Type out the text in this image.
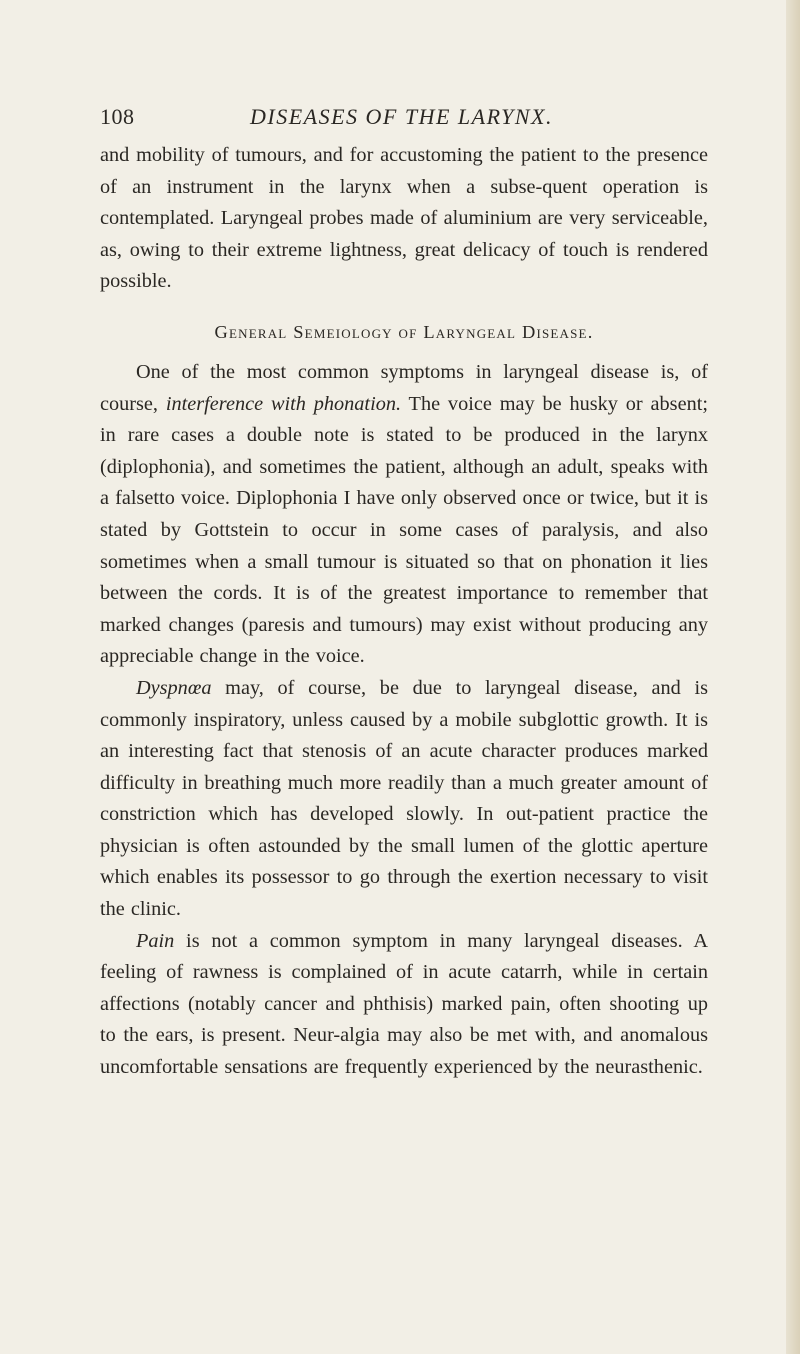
108	DISEASES OF THE LARYNX.

and mobility of tumours, and for accustoming the patient to the presence of an instrument in the larynx when a subse-quent operation is contemplated. Laryngeal probes made of aluminium are very serviceable, as, owing to their extreme lightness, great delicacy of touch is rendered possible.

General Semeiology of Laryngeal Disease.

One of the most common symptoms in laryngeal disease is, of course, interference with phonation. The voice may be husky or absent; in rare cases a double note is stated to be produced in the larynx (diplophonia), and sometimes the patient, although an adult, speaks with a falsetto voice. Diplophonia I have only observed once or twice, but it is stated by Gottstein to occur in some cases of paralysis, and also sometimes when a small tumour is situated so that on phonation it lies between the cords. It is of the greatest importance to remember that marked changes (paresis and tumours) may exist without producing any appreciable change in the voice.

Dyspnœa may, of course, be due to laryngeal disease, and is commonly inspiratory, unless caused by a mobile subglottic growth. It is an interesting fact that stenosis of an acute character produces marked difficulty in breathing much more readily than a much greater amount of constriction which has developed slowly. In out-patient practice the physician is often astounded by the small lumen of the glottic aperture which enables its possessor to go through the exertion necessary to visit the clinic.

Pain is not a common symptom in many laryngeal diseases. A feeling of rawness is complained of in acute catarrh, while in certain affections (notably cancer and phthisis) marked pain, often shooting up to the ears, is present. Neur-algia may also be met with, and anomalous uncomfortable sensations are frequently experienced by the neurasthenic.
